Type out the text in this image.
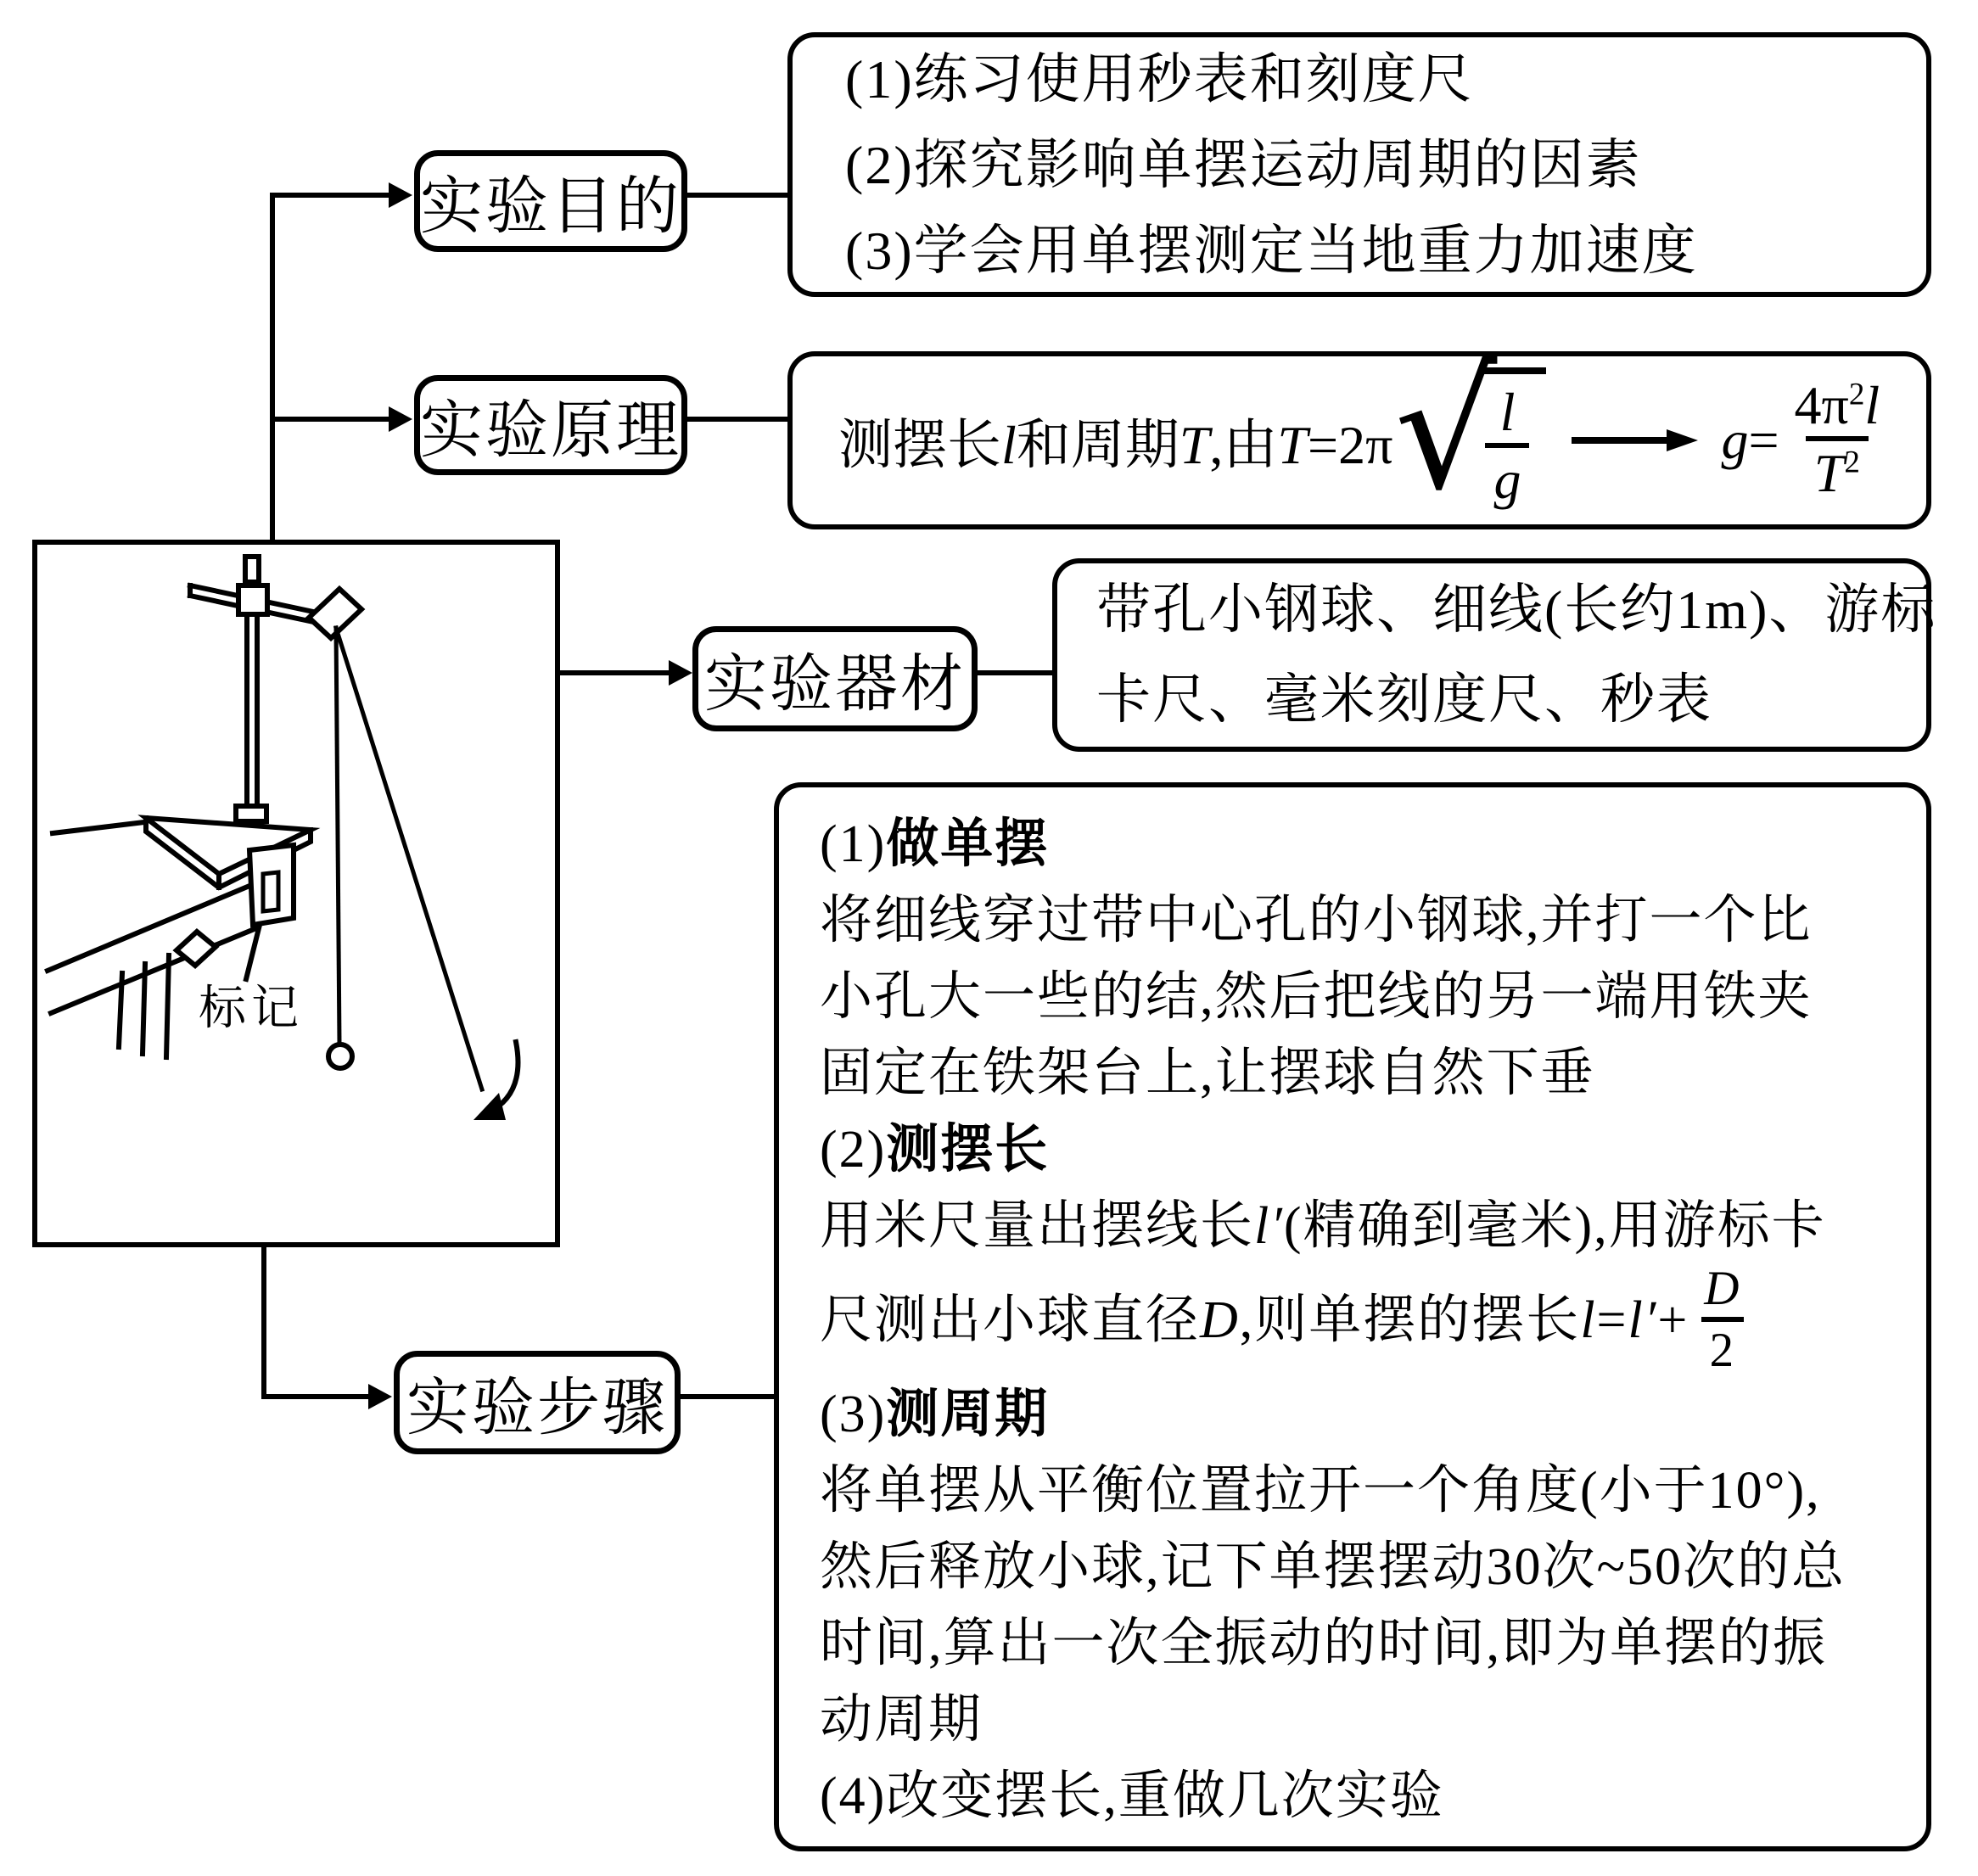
实验目的
实验原理
实验器材
实验步骤
(1)练习使用秒表和刻度尺
(2)探究影响单摆运动周期的因素
(3)学会用单摆测定当地重力加速度
测摆长l和周期T,由T=2π √
$\frac{l}{g}$	$g= \frac{4\pi^2l}{T^2}$
带孔小钢球、细线(长约1m)、游标
卡尺、毫米刻度尺、秒表
(1) 做单摆
将细线穿过带中心孔的小钢球,并打一个比
小孔大一些的结,然后把线的另一端用铁夹
固定在铁架台上,让摆球自然下垂
(2) 测摆长
用米尺量出摆线长 l′ (精确到毫米),用游标卡
尺测出小球直径 D ,则单摆的摆长 $l = l' + \frac{D}{2}$
(3) 测周期
将单摆从平衡位置拉开一个角度(小于10°),
然后释放小球,记下单摆摆动30次~50次的总
时间,算出一次全振动的时间,即为单摆的振
动周期
(4)改变摆长,重做几次实验
标记
